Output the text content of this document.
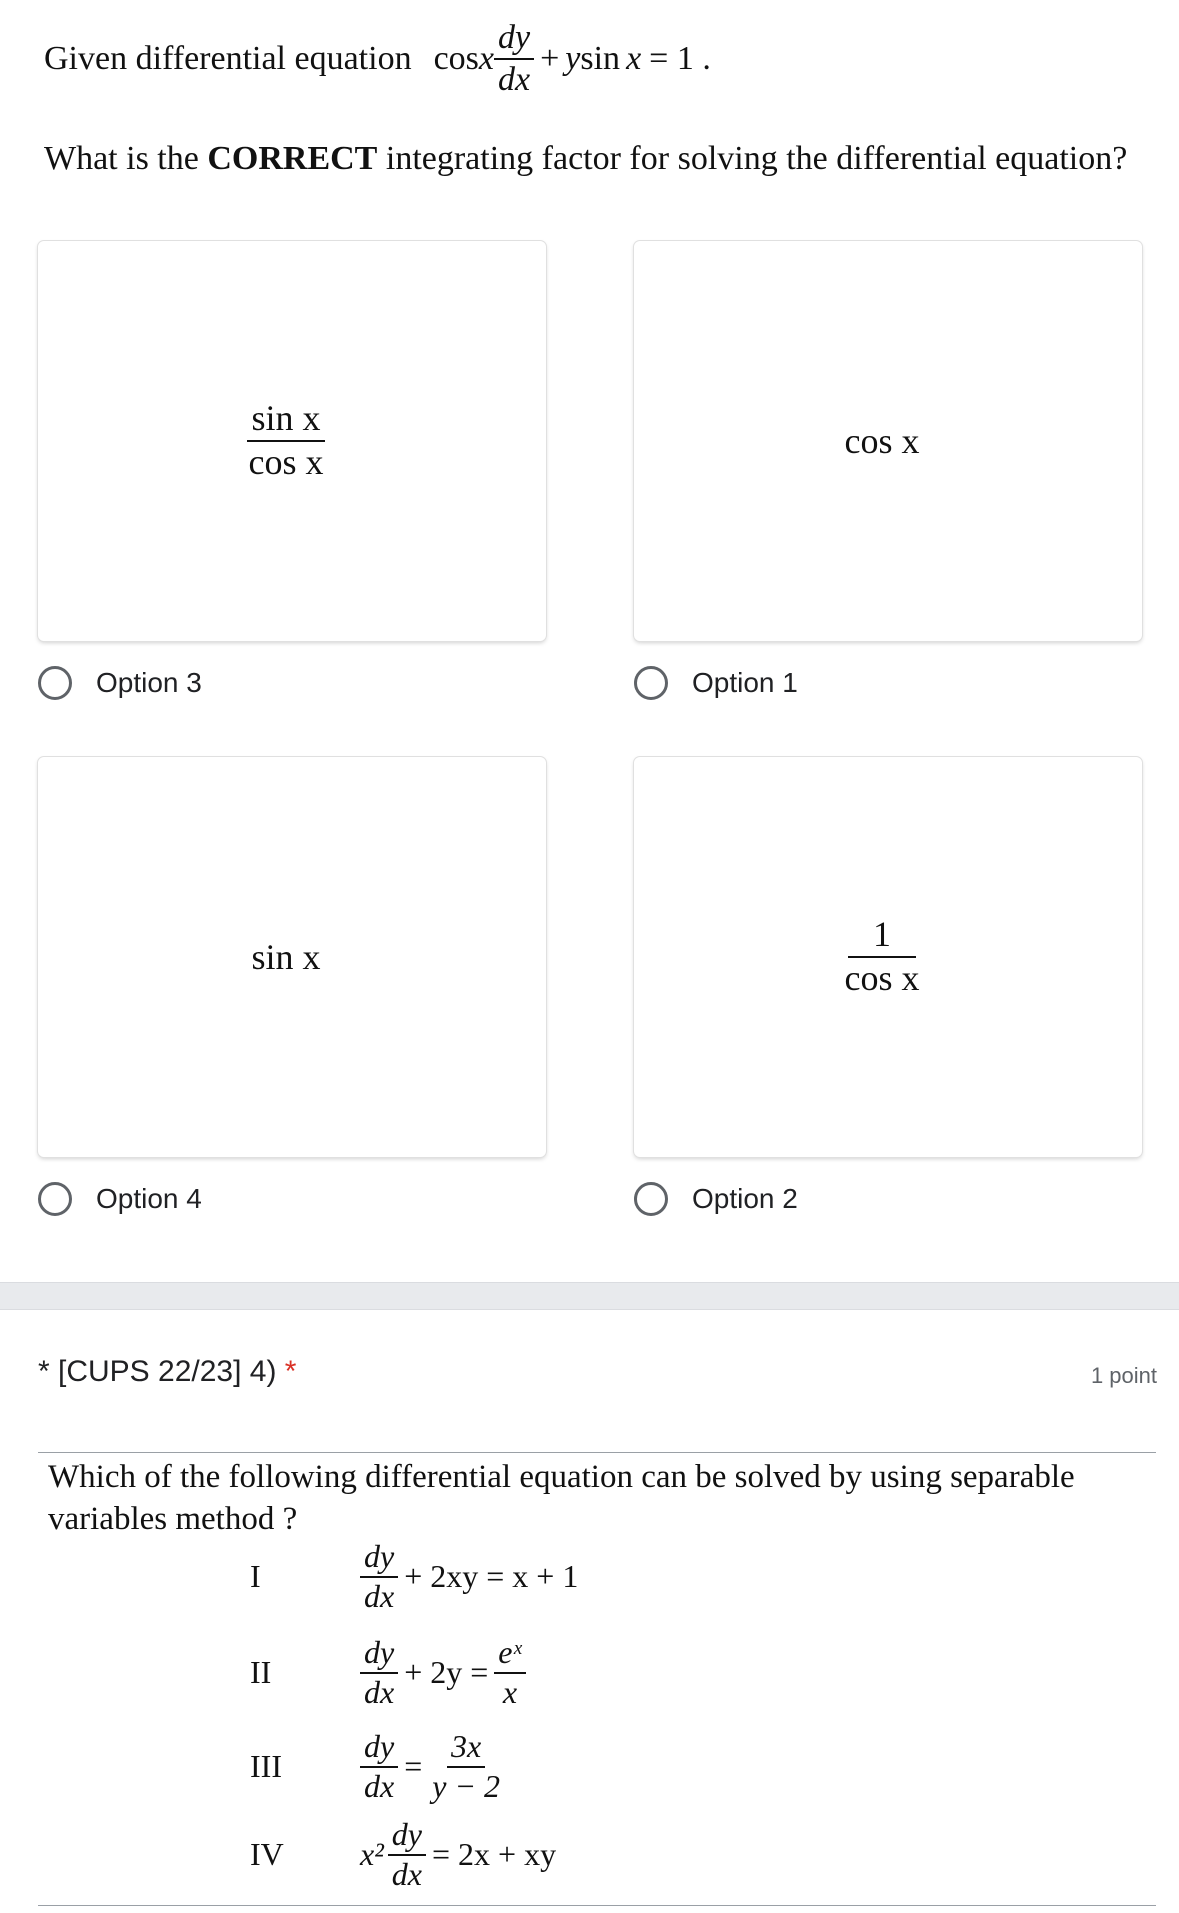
Given differential equation cos x $\frac{dy}{dx} + y$ sin x = 1 .
What is the CORRECT integrating factor for solving the differential equation?
$\frac{\text{sin x}}{\text{cos x}}$	cos x
Option 3	Option 1
sin x	$\frac{1}{\text{cos x}}$
Option 4	Option 2
* [CUPS 22/23] 4) *	1 point
Which of the following differential equation can be solved by using separable variables method ?
I	$\frac{dy}{dx} + 2xy = x + 1$
II	$\frac{dy}{dx} + 2y = \frac{\text{eˣ}}{x}$
III	$\frac{dy}{dx} = \frac{3x}{y - 2}$
IV	$x^2 \frac{dy}{dx} = 2x$ + xy
